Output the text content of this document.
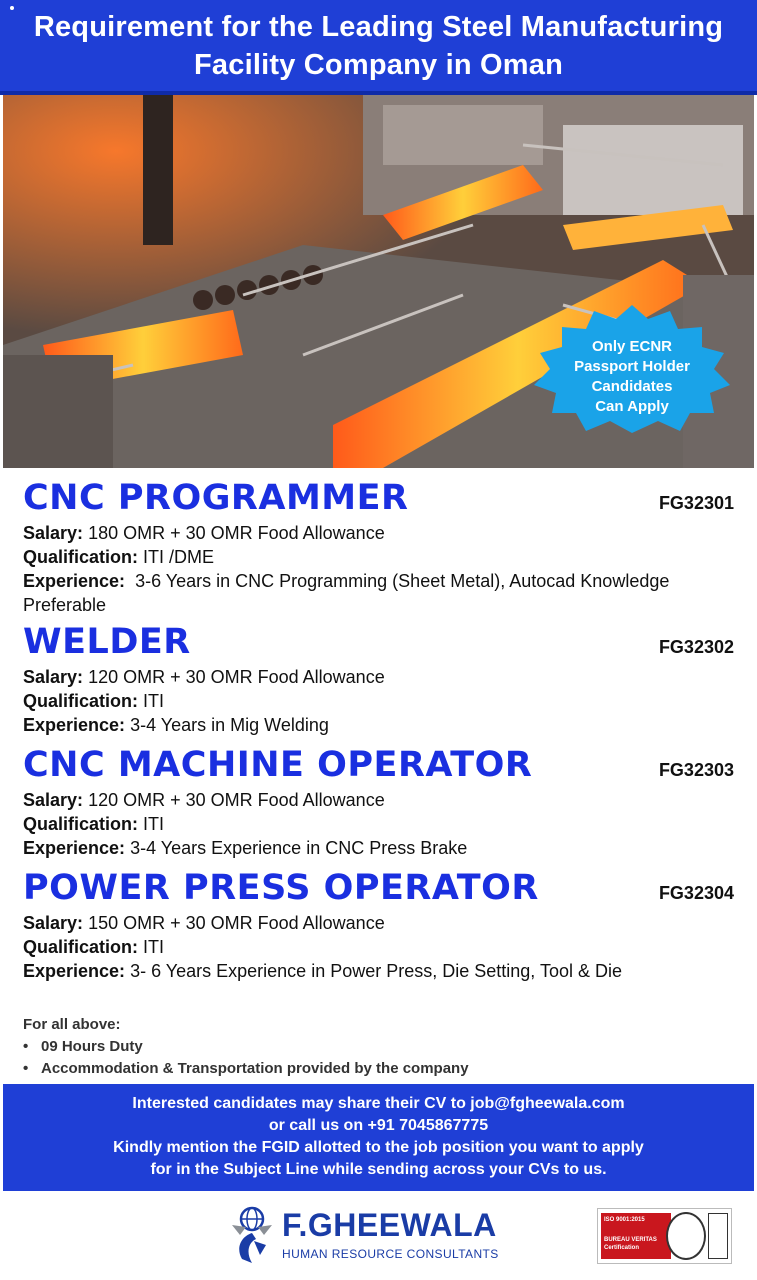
Requirement for the Leading Steel Manufacturing
Facility Company in Oman
Only ECNR
Passport Holder
Candidates
Can Apply
CNC PROGRAMMER	FG32301
Salary: 180 OMR + 30 OMR Food Allowance
Qualification: ITI /DME
Experience: 3-6 Years in CNC Programming (Sheet Metal), Autocad Knowledge Preferable
WELDER	FG32302
Salary: 120 OMR + 30 OMR Food Allowance
Qualification: ITI
Experience: 3-4 Years in Mig Welding
CNC MACHINE OPERATOR	FG32303
Salary: 120 OMR + 30 OMR Food Allowance
Qualification: ITI
Experience: 3-4 Years Experience in CNC Press Brake
POWER PRESS OPERATOR	FG32304
Salary: 150 OMR + 30 OMR Food Allowance
Qualification: ITI
Experience: 3- 6 Years Experience in Power Press, Die Setting, Tool & Die
For all above:
• 09 Hours Duty
• Accommodation & Transportation provided by the company
Interested candidates may share their CV to job@fgheewala.com
or call us on +91 7045867775
Kindly mention the FGID allotted to the job position you want to apply
for in the Subject Line while sending across your CVs to us.
F.GHEEWALA
HUMAN RESOURCE CONSULTANTS
ISO 9001:2015
BUREAU VERITAS
Certification
